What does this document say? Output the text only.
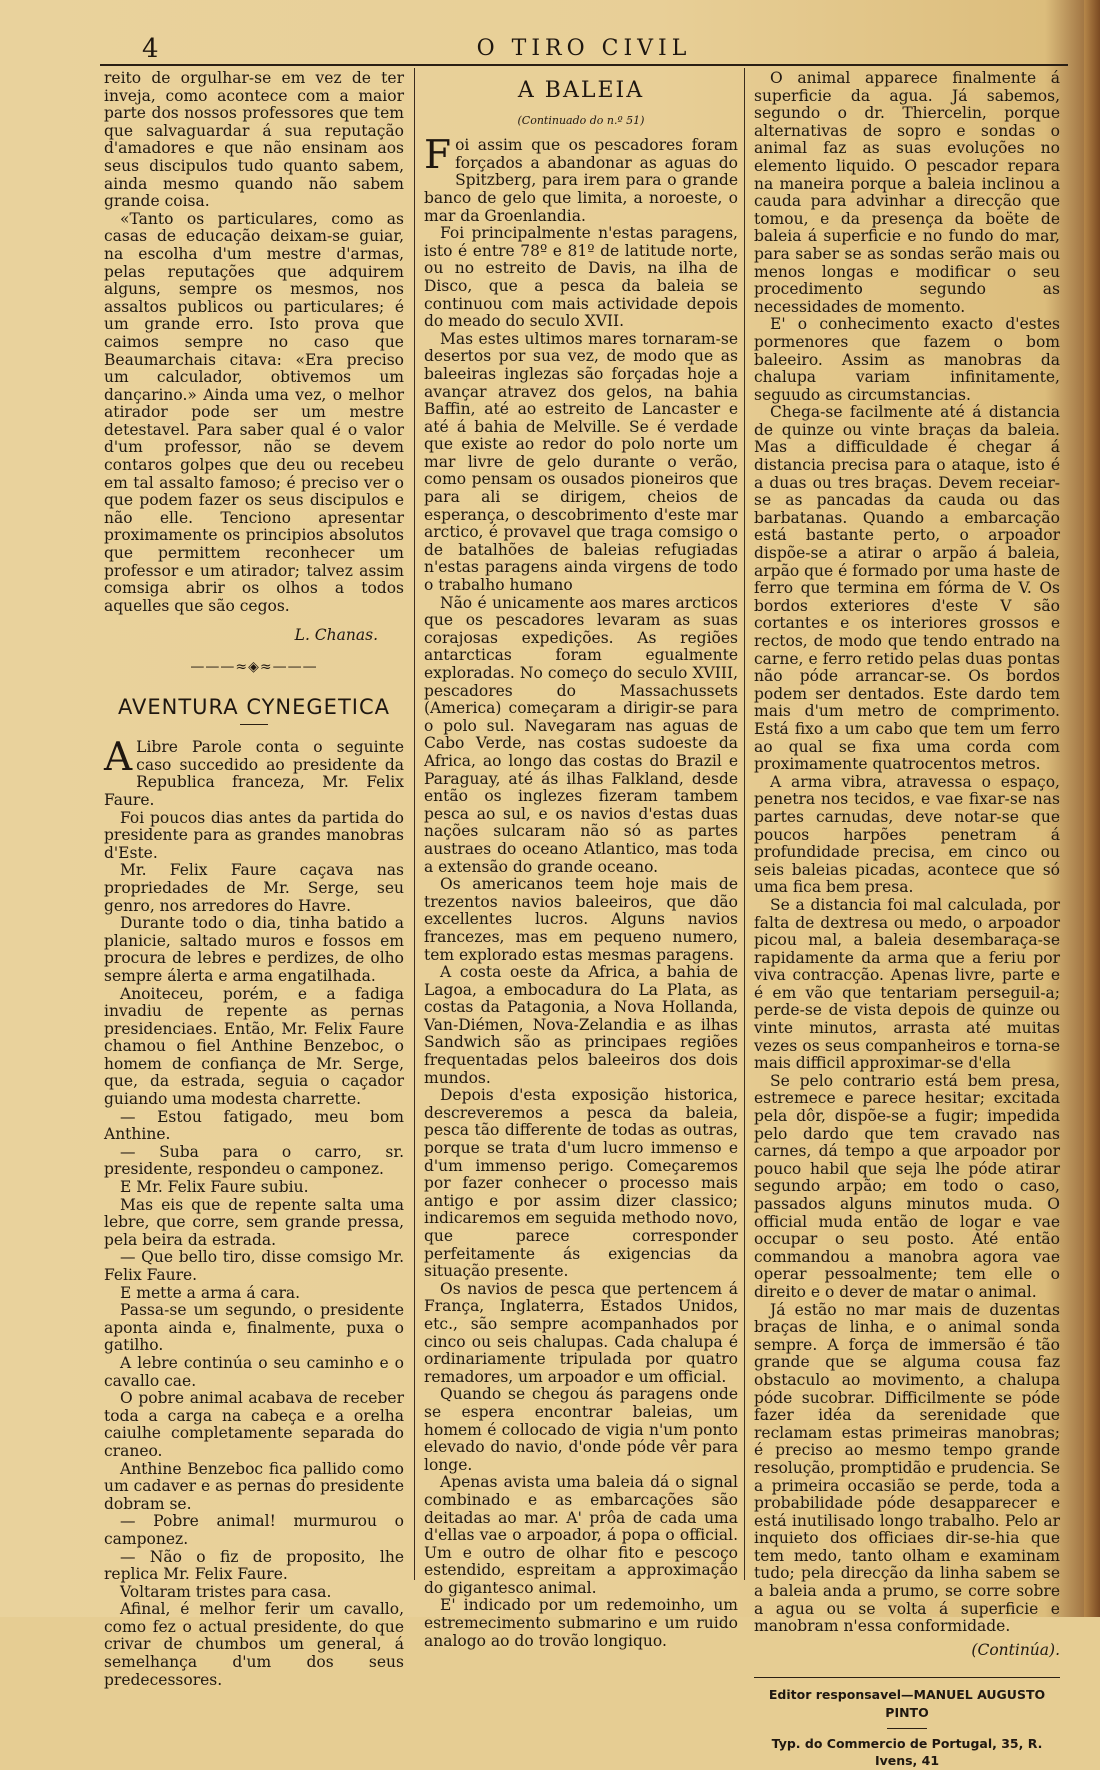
4	O TIRO CIVIL

reito de orgulhar-se em vez de ter inveja, como acontece com a maior parte dos nossos professores que tem que salvaguardar á sua reputação d'amadores e que não ensinam aos seus discipulos tudo quanto sabem, ainda mesmo quando não sabem grande coisa.

«Tanto os particulares, como as casas de educação deixam-se guiar, na escolha d'um mestre d'armas, pelas reputações que adquirem alguns, sempre os mesmos, nos assaltos publicos ou particulares; é um grande erro. Isto prova que caimos sempre no caso que Beaumarchais citava: «Era preciso um calculador, obtivemos um dançarino.» Ainda uma vez, o melhor atirador pode ser um mestre detestavel. Para saber qual é o valor d'um professor, não se devem contaros golpes que deu ou recebeu em tal assalto famoso; é preciso ver o que podem fazer os seus discipulos e não elle. Tenciono apresentar proximamente os principios absolutos que permittem reconhecer um professor e um atirador; talvez assim comsiga abrir os olhos a todos aquelles que são cegos.

L. Chanas.
———≈◈≈———
AVENTURA CYNEGETICA

A Libre Parole conta o seguinte caso succedido ao presidente da Republica franceza, Mr. Felix Faure.

Foi poucos dias antes da partida do presidente para as grandes manobras d'Este.

Mr. Felix Faure caçava nas propriedades de Mr. Serge, seu genro, nos arredores do Havre.

Durante todo o dia, tinha batido a planicie, saltado muros e fossos em procura de lebres e perdizes, de olho sempre álerta e arma engatilhada.

Anoiteceu, porém, e a fadiga invadiu de repente as pernas presidenciaes. Então, Mr. Felix Faure chamou o fiel Anthine Benzeboc, o homem de confiança de Mr. Serge, que, da estrada, seguia o caçador guiando uma modesta charrette.

— Estou fatigado, meu bom Anthine.

— Suba para o carro, sr. presidente, respondeu o camponez.

E Mr. Felix Faure subiu.

Mas eis que de repente salta uma lebre, que corre, sem grande pressa, pela beira da estrada.

— Que bello tiro, disse comsigo Mr. Felix Faure.

E mette a arma á cara.

Passa-se um segundo, o presidente aponta ainda e, finalmente, puxa o gatilho.

A lebre continúa o seu caminho e o cavallo cae.

O pobre animal acabava de receber toda a carga na cabeça e a orelha caiulhe completamente separada do craneo.

Anthine Benzeboc fica pallido como um cadaver e as pernas do presidente dobram se.

— Pobre animal! murmurou o camponez.

— Não o fiz de proposito, lhe replica Mr. Felix Faure.

Voltaram tristes para casa.

Afinal, é melhor ferir um cavallo, como fez o actual presidente, do que crivar de chumbos um general, á semelhança d'um dos seus predecessores.

A BALEIA
(Continuado do n.º 51)

Foi assim que os pescadores foram forçados a abandonar as aguas do Spitzberg, para irem para o grande banco de gelo que limita, a noroeste, o mar da Groenlandia.

Foi principalmente n'estas paragens, isto é entre 78º e 81º de latitude norte, ou no estreito de Davis, na ilha de Disco, que a pesca da baleia se continuou com mais actividade depois do meado do seculo XVII.

Mas estes ultimos mares tornaram-se desertos por sua vez, de modo que as baleeiras inglezas são forçadas hoje a avançar atravez dos gelos, na bahia Baffin, até ao estreito de Lancaster e até á bahia de Melville. Se é verdade que existe ao redor do polo norte um mar livre de gelo durante o verão, como pensam os ousados pioneiros que para ali se dirigem, cheios de esperança, o descobrimento d'este mar arctico, é provavel que traga comsigo o de batalhões de baleias refugiadas n'estas paragens ainda virgens de todo o trabalho humano

Não é unicamente aos mares arcticos que os pescadores levaram as suas corajosas expedições. As regiões antarcticas foram egualmente exploradas. No começo do seculo XVIII, pescadores do Massachussets (America) começaram a dirigir-se para o polo sul. Navegaram nas aguas de Cabo Verde, nas costas sudoeste da Africa, ao longo das costas do Brazil e Paraguay, até ás ilhas Falkland, desde então os inglezes fizeram tambem pesca ao sul, e os navios d'estas duas nações sulcaram não só as partes austraes do oceano Atlantico, mas toda a extensão do grande oceano.

Os americanos teem hoje mais de trezentos navios baleeiros, que dão excellentes lucros. Alguns navios francezes, mas em pequeno numero, tem explorado estas mesmas paragens.

A costa oeste da Africa, a bahia de Lagoa, a embocadura do La Plata, as costas da Patagonia, a Nova Hollanda, Van-Diémen, Nova-Zelandia e as ilhas Sandwich são as principaes regiões frequentadas pelos baleeiros dos dois mundos.

Depois d'esta exposição historica, descreveremos a pesca da baleia, pesca tão differente de todas as outras, porque se trata d'um lucro immenso e d'um immenso perigo. Começaremos por fazer conhecer o processo mais antigo e por assim dizer classico; indicaremos em seguida methodo novo, que parece corresponder perfeitamente ás exigencias da situação presente.

Os navios de pesca que pertencem á França, Inglaterra, Estados Unidos, etc., são sempre acompanhados por cinco ou seis chalupas. Cada chalupa é ordinariamente tripulada por quatro remadores, um arpoador e um official.

Quando se chegou ás paragens onde se espera encontrar baleias, um homem é collocado de vigia n'um ponto elevado do navio, d'onde póde vêr para longe.

Apenas avista uma baleia dá o signal combinado e as embarcações são deitadas ao mar. A' prôa de cada uma d'ellas vae o arpoador, á popa o official. Um e outro de olhar fito e pescoço estendido, espreitam a approximação do gigantesco animal.

E' indicado por um redemoinho, um estremecimento submarino e um ruido analogo ao do trovão longiquo.

O animal apparece finalmente á superficie da agua. Já sabemos, segundo o dr. Thiercelin, porque alternativas de sopro e sondas o animal faz as suas evoluções no elemento liquido. O pescador repara na maneira porque a baleia inclinou a cauda para advinhar a direcção que tomou, e da presença da boëte de baleia á superficie e no fundo do mar, para saber se as sondas serão mais ou menos longas e modificar o seu procedimento segundo as necessidades de momento.

E' o conhecimento exacto d'estes pormenores que fazem o bom baleeiro. Assim as manobras da chalupa variam infinitamente, seguudo as circumstancias.

Chega-se facilmente até á distancia de quinze ou vinte braças da baleia. Mas a difficuldade é chegar á distancia precisa para o ataque, isto é a duas ou tres braças. Devem receiar-se as pancadas da cauda ou das barbatanas. Quando a embarcação está bastante perto, o arpoador dispõe-se a atirar o arpão á baleia, arpão que é formado por uma haste de ferro que termina em fórma de V. Os bordos exteriores d'este V são cortantes e os interiores grossos e rectos, de modo que tendo entrado na carne, e ferro retido pelas duas pontas não póde arrancar-se. Os bordos podem ser dentados. Este dardo tem mais d'um metro de comprimento. Está fixo a um cabo que tem um ferro ao qual se fixa uma corda com proximamente quatrocentos metros.

A arma vibra, atravessa o espaço, penetra nos tecidos, e vae fixar-se nas partes carnudas, deve notar-se que poucos harpões penetram á profundidade precisa, em cinco ou seis baleias picadas, acontece que só uma fica bem presa.

Se a distancia foi mal calculada, por falta de dextresa ou medo, o arpoador picou mal, a baleia desembaraça-se rapidamente da arma que a feriu por viva contracção. Apenas livre, parte e é em vão que tentariam perseguil-a; perde-se de vista depois de quinze ou vinte minutos, arrasta até muitas vezes os seus companheiros e torna-se mais difficil approximar-se d'ella

Se pelo contrario está bem presa, estremece e parece hesitar; excitada pela dôr, dispõe-se a fugir; impedida pelo dardo que tem cravado nas carnes, dá tempo a que arpoador por pouco habil que seja lhe póde atirar segundo arpão; em todo o caso, passados alguns minutos muda. O official muda então de logar e vae occupar o seu posto. Até então commandou a manobra agora vae operar pessoalmente; tem elle o direito e o dever de matar o animal.

Já estão no mar mais de duzentas braças de linha, e o animal sonda sempre. A força de immersão é tão grande que se alguma cousa faz obstaculo ao movimento, a chalupa póde sucobrar. Difficilmente se póde fazer idéa da serenidade que reclamam estas primeiras manobras; é preciso ao mesmo tempo grande resolução, promptidão e prudencia. Se a primeira occasião se perde, toda a probabilidade póde desapparecer e está inutilisado longo trabalho. Pelo ar inquieto dos officiaes dir-se-hia que tem medo, tanto olham e examinam tudo; pela direcção da linha sabem se a baleia anda a prumo, se corre sobre a agua ou se volta á superficie e manobram n'essa conformidade.

(Continúa).
Editor responsavel—MANUEL AUGUSTO PINTO
Typ. do Commercio de Portugal, 35, R. Ivens, 41
